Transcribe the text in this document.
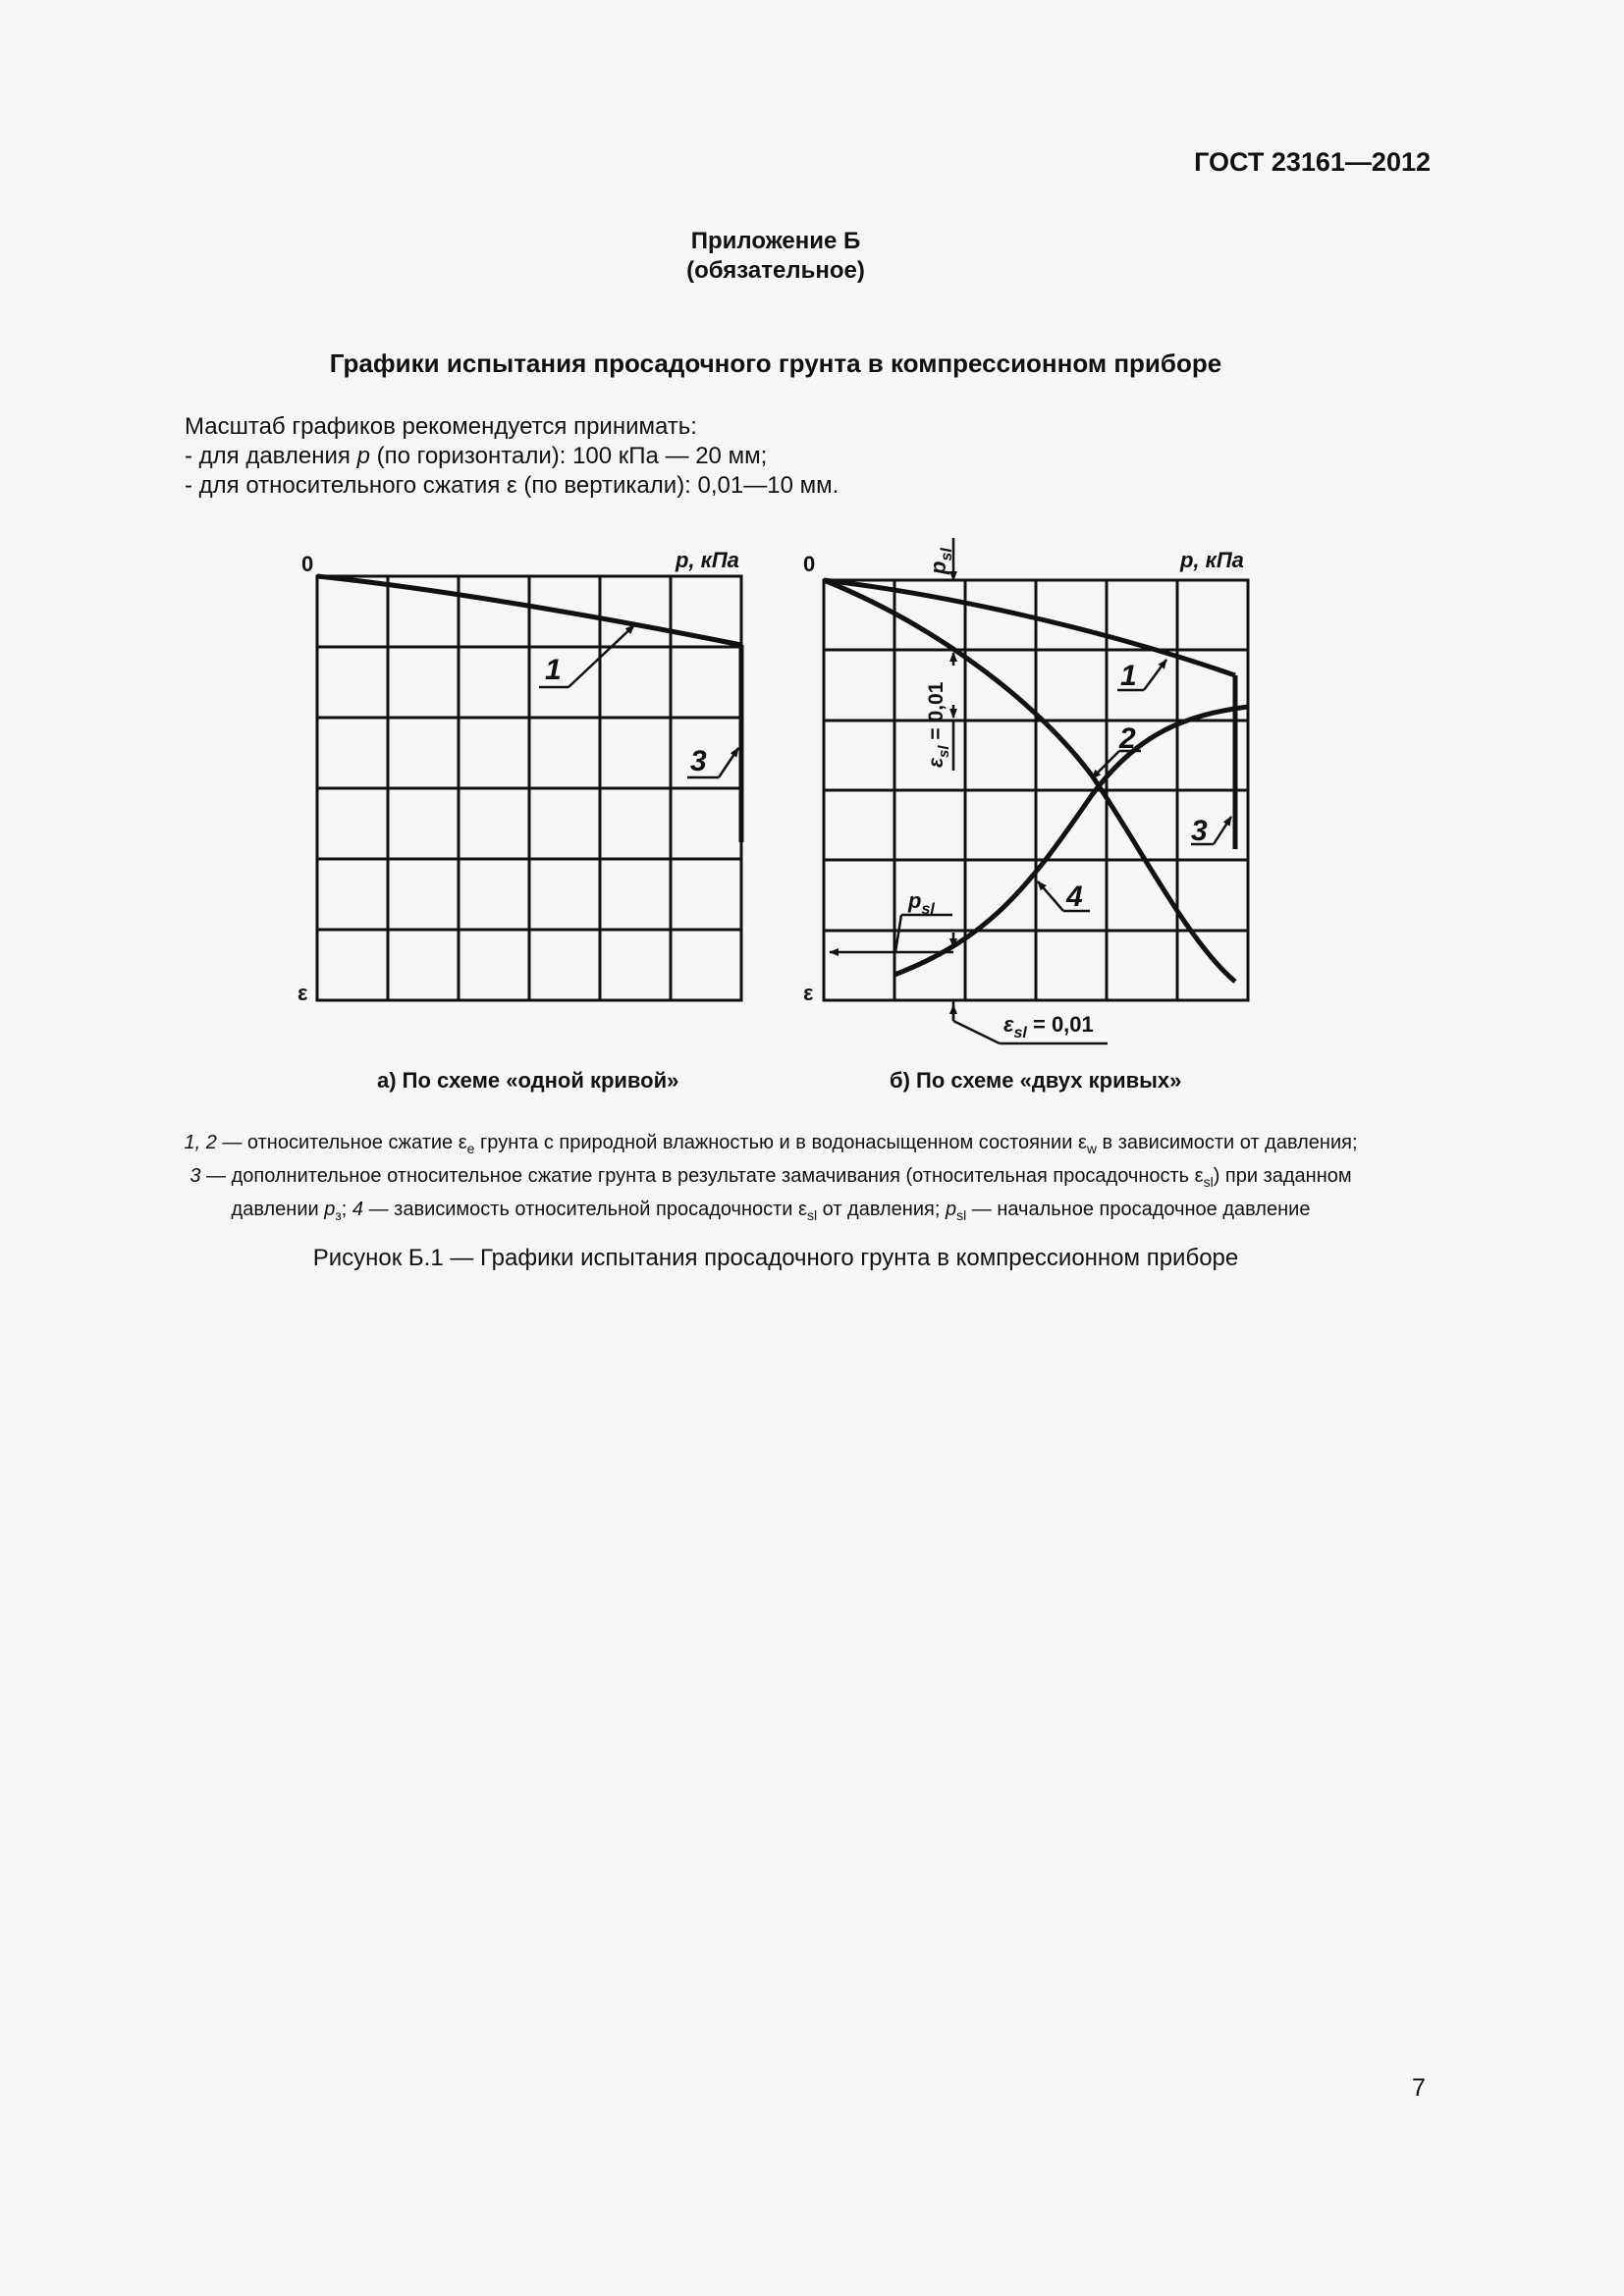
ГОСТ 23161—2012
Приложение Б
(обязательное)
Графики испытания просадочного грунта в компрессионном приборе
Масштаб графиков рекомендуется принимать:
- для давления р (по горизонтали): 100 кПа — 20 мм;
- для относительного сжатия ε (по вертикали): 0,01—10 мм.
0	р, кПа
ε
1
3
0	р, кПа
ε
$p_{sl}$
$\varepsilon_{sl} = 0,01$
$p_{sl}$
$\varepsilon_{sl} = 0,01$
1
2
3
4
а) По схеме «одной кривой»	б) По схеме «двух кривых»
1, 2 — относительное сжатие $\varepsilon_е$ грунта с природной влажностью и в водонасыщенном состоянии $\varepsilon_w$ в зависимости от давления;
3 — дополнительное относительное сжатие грунта в результате замачивания (относительная просадочность $\varepsilon_{sl}$) при заданном
давлении $р_з$; 4 — зависимость относительной просадочности $\varepsilon_{sl}$ от давления; $р_{sl}$ — начальное просадочное давление
Рисунок Б.1 — Графики испытания просадочного грунта в компрессионном приборе
7
